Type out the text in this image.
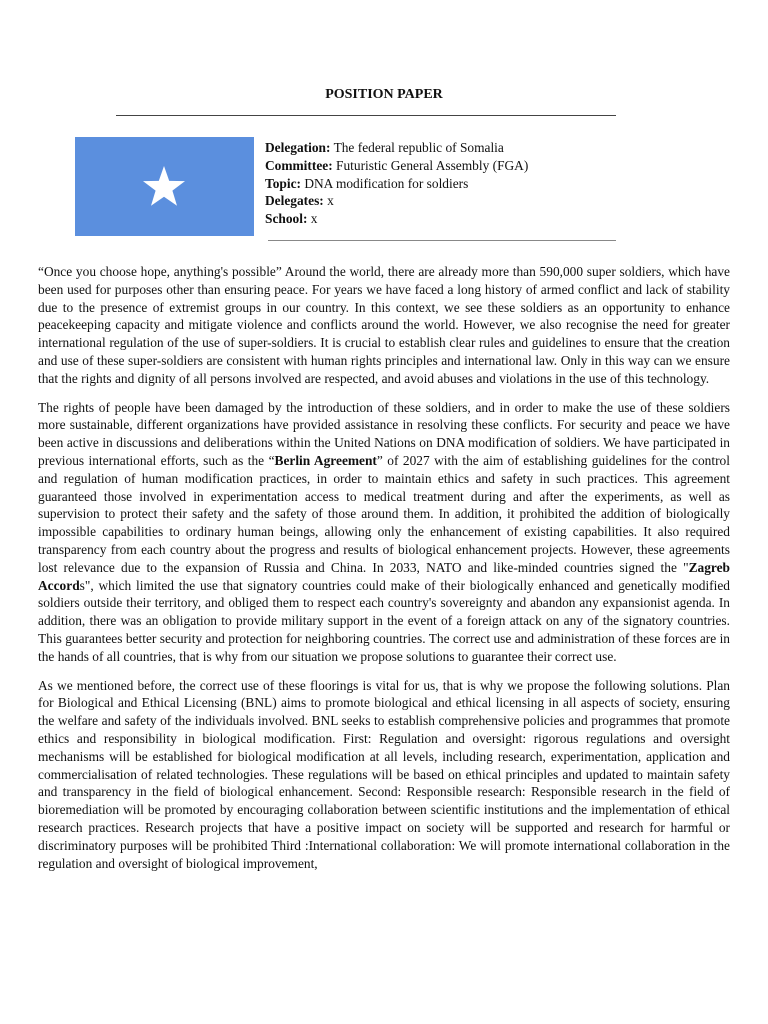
POSITION PAPER
Delegation: The federal republic of Somalia
Committee: Futuristic General Assembly (FGA)
Topic: DNA modification for soldiers
Delegates: x
School: x

“Once you choose hope, anything's possible” Around the world, there are already more than 590,000 super soldiers, which have been used for purposes other than ensuring peace. For years we have faced a long history of armed conflict and lack of stability due to the presence of extremist groups in our country. In this context, we see these soldiers as an opportunity to enhance peacekeeping capacity and mitigate violence and conflicts around the world. However, we also recognise the need for greater international regulation of the use of super-soldiers. It is crucial to establish clear rules and guidelines to ensure that the creation and use of these super-soldiers are consistent with human rights principles and international law. Only in this way can we ensure that the rights and dignity of all persons involved are respected, and avoid abuses and violations in the use of this technology.

The rights of people have been damaged by the introduction of these soldiers, and in order to make the use of these soldiers more sustainable, different organizations have provided assistance in resolving these conflicts. For security and peace we have been active in discussions and deliberations within the United Nations on DNA modification of soldiers. We have participated in previous international efforts, such as the “Berlin Agreement” of 2027 with the aim of establishing guidelines for the control and regulation of human modification practices, in order to maintain ethics and safety in such practices. This agreement guaranteed those involved in experimentation access to medical treatment during and after the experiments, as well as supervision to protect their safety and the safety of those around them. In addition, it prohibited the addition of biologically impossible capabilities to ordinary human beings, allowing only the enhancement of existing capabilities. It also required transparency from each country about the progress and results of biological enhancement projects. However, these agreements lost relevance due to the expansion of Russia and China. In 2033, NATO and like-minded countries signed the "Zagreb Accords", which limited the use that signatory countries could make of their biologically enhanced and genetically modified soldiers outside their territory, and obliged them to respect each country's sovereignty and abandon any expansionist agenda. In addition, there was an obligation to provide military support in the event of a foreign attack on any of the signatory countries. This guarantees better security and protection for neighboring countries. The correct use and administration of these forces are in the hands of all countries, that is why from our situation we propose solutions to guarantee their correct use.

As we mentioned before, the correct use of these floorings is vital for us, that is why we propose the following solutions. Plan for Biological and Ethical Licensing (BNL) aims to promote biological and ethical licensing in all aspects of society, ensuring the welfare and safety of the individuals involved. BNL seeks to establish comprehensive policies and programmes that promote ethics and responsibility in biological modification. First: Regulation and oversight: rigorous regulations and oversight mechanisms will be established for biological modification at all levels, including research, experimentation, application and commercialisation of related technologies. These regulations will be based on ethical principles and updated to maintain safety and transparency in the field of biological enhancement. Second: Responsible research: Responsible research in the field of bioremediation will be promoted by encouraging collaboration between scientific institutions and the implementation of ethical research practices. Research projects that have a positive impact on society will be supported and research for harmful or discriminatory purposes will be prohibited Third :International collaboration: We will promote international collaboration in the regulation and oversight of biological improvement,
